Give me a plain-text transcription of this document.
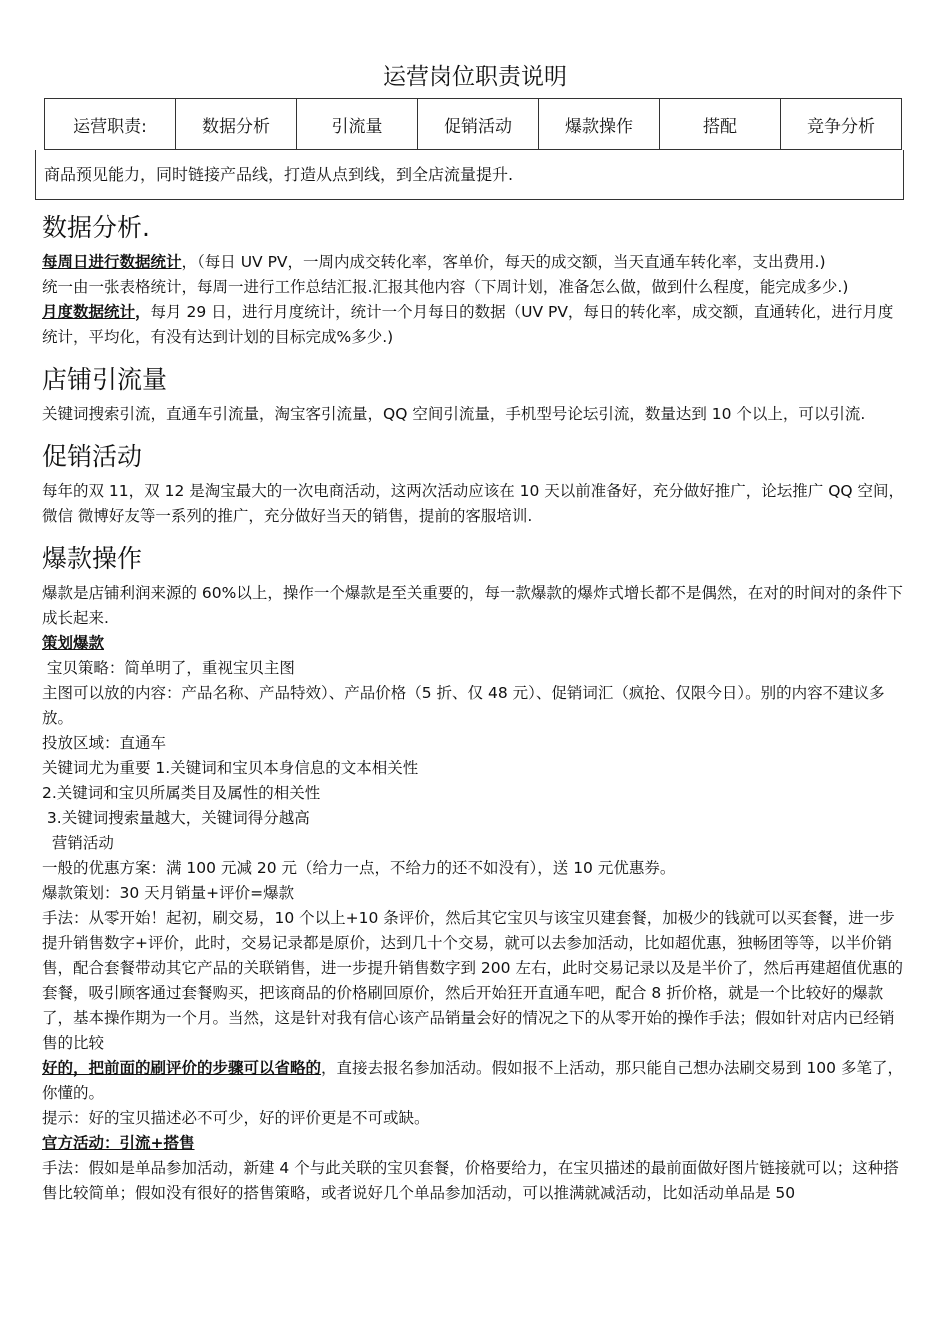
运营岗位职责说明
运营职责:	数据分析	引流量	促销活动	爆款操作	搭配	竞争分析
商品预见能力，同时链接产品线，打造从点到线，到全店流量提升.
数据分析.

每周日进行数据统计，（每日 UV PV，一周内成交转化率，客单价，每天的成交额，当天直通车转化率，支出费用.)

统一由一张表格统计，每周一进行工作总结汇报.汇报其他内容（下周计划，准备怎么做，做到什么程度，能完成多少.)

月度数据统计，每月 29 日，进行月度统计，统计一个月每日的数据（UV PV，每日的转化率，成交额，直通转化，进行月度统计，平均化，有没有达到计划的目标完成%多少.)

店铺引流量

关键词搜索引流，直通车引流量，淘宝客引流量，QQ 空间引流量，手机型号论坛引流，数量达到 10 个以上，可以引流.

促销活动

每年的双 11，双 12 是淘宝最大的一次电商活动，这两次活动应该在 10 天以前准备好，充分做好推广，论坛推广 QQ 空间，微信 微博好友等一系列的推广，充分做好当天的销售，提前的客服培训.

爆款操作

爆款是店铺利润来源的 60%以上，操作一个爆款是至关重要的，每一款爆款的爆炸式增长都不是偶然，在对的时间对的条件下成长起来.

策划爆款

宝贝策略：简单明了，重视宝贝主图

主图可以放的内容：产品名称、产品特效）、产品价格（5 折、仅 48 元）、促销词汇（疯抢、仅限今日）。别的内容不建议多放。

投放区域：直通车

关键词尤为重要 1.关键词和宝贝本身信息的文本相关性

2.关键词和宝贝所属类目及属性的相关性

3.关键词搜索量越大，关键词得分越高

营销活动

一般的优惠方案：满 100 元减 20 元（给力一点，不给力的还不如没有），送 10 元优惠券。

爆款策划：30 天月销量+评价=爆款

手法：从零开始！起初，刷交易，10 个以上+10 条评价，然后其它宝贝与该宝贝建套餐，加极少的钱就可以买套餐，进一步提升销售数字+评价，此时，交易记录都是原价，达到几十个交易，就可以去参加活动，比如超优惠，独畅团等等，以半价销售，配合套餐带动其它产品的关联销售，进一步提升销售数字到 200 左右，此时交易记录以及是半价了，然后再建超值优惠的套餐，吸引顾客通过套餐购买，把该商品的价格刷回原价，然后开始狂开直通车吧，配合 8 折价格，就是一个比较好的爆款了，基本操作期为一个月。当然，这是针对我有信心该产品销量会好的情况之下的从零开始的操作手法；假如针对店内已经销售的比较

好的，把前面的刷评价的步骤可以省略的，直接去报名参加活动。假如报不上活动，那只能自己想办法刷交易到 100 多笔了，你懂的。

提示：好的宝贝描述必不可少，好的评价更是不可或缺。

官方活动：引流+搭售

手法：假如是单品参加活动，新建 4 个与此关联的宝贝套餐，价格要给力，在宝贝描述的最前面做好图片链接就可以；这种搭售比较简单；假如没有很好的搭售策略，或者说好几个单品参加活动，可以推满就减活动，比如活动单品是 50
